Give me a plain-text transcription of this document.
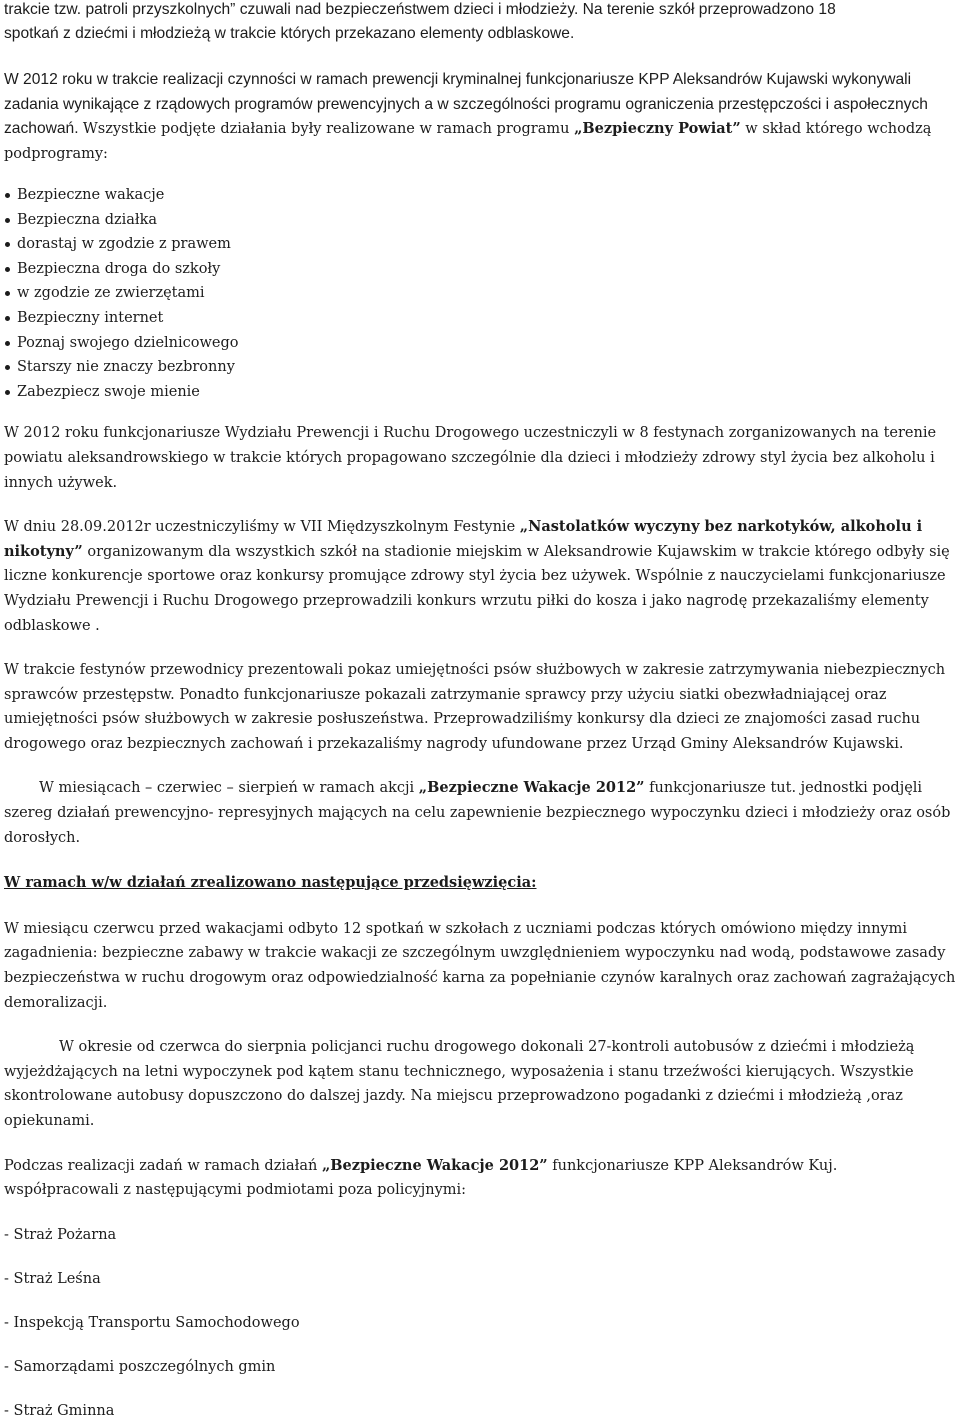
trakcie tzw. patroli przyszkolnych” czuwali nad bezpieczeństwem dzieci i młodzieży. Na terenie szkół przeprowadzono 18
spotkań z dziećmi i młodzieżą w trakcie których przekazano elementy odblaskowe.

W 2012 roku w trakcie realizacji czynności w ramach prewencji kryminalnej funkcjonariusze KPP Aleksandrów Kujawski wykonywali zadania wynikające z rządowych programów prewencyjnych a w szczególności programu ograniczenia przestępczości i aspołecznych zachowań. Wszystkie podjęte działania były realizowane w ramach programu „Bezpieczny Powiat” w skład którego wchodzą podprogramy:

Bezpieczne wakacje
Bezpieczna działka
dorastaj w zgodzie z prawem
Bezpieczna droga do szkoły
w zgodzie ze zwierzętami
Bezpieczny internet
Poznaj swojego dzielnicowego
Starszy nie znaczy bezbronny
Zabezpiecz swoje mienie

W 2012 roku funkcjonariusze Wydziału Prewencji i Ruchu Drogowego uczestniczyli w 8 festynach zorganizowanych na terenie powiatu aleksandrowskiego w trakcie których propagowano szczególnie dla dzieci i młodzieży zdrowy styl życia bez alkoholu i innych używek.

W dniu 28.09.2012r uczestniczyliśmy w VII Międzyszkolnym Festynie „Nastolatków wyczyny bez narkotyków, alkoholu i nikotyny” organizowanym dla wszystkich szkół na stadionie miejskim w Aleksandrowie Kujawskim w trakcie którego odbyły się liczne konkurencje sportowe oraz konkursy promujące zdrowy styl życia bez używek. Wspólnie z nauczycielami funkcjonariusze Wydziału Prewencji i Ruchu Drogowego przeprowadzili konkurs wrzutu piłki do kosza i jako nagrodę przekazaliśmy elementy odblaskowe .

W trakcie festynów przewodnicy prezentowali pokaz umiejętności psów służbowych w zakresie zatrzymywania niebezpiecznych sprawców przestępstw. Ponadto funkcjonariusze pokazali zatrzymanie sprawcy przy użyciu siatki obezwładniającej oraz umiejętności psów służbowych w zakresie posłuszeństwa. Przeprowadziliśmy konkursy dla dzieci ze znajomości zasad ruchu drogowego oraz bezpiecznych zachowań i przekazaliśmy nagrody ufundowane przez Urząd Gminy Aleksandrów Kujawski.

W miesiącach – czerwiec – sierpień w ramach akcji „Bezpieczne Wakacje 2012” funkcjonariusze tut. jednostki podjęli szereg działań prewencyjno- represyjnych mających na celu zapewnienie bezpiecznego wypoczynku dzieci i młodzieży oraz osób dorosłych.

W ramach w/w działań zrealizowano następujące przedsięwzięcia:

W miesiącu czerwcu przed wakacjami odbyto 12 spotkań w szkołach z uczniami podczas których omówiono między innymi zagadnienia: bezpieczne zabawy w trakcie wakacji ze szczególnym uwzględnieniem wypoczynku nad wodą, podstawowe zasady bezpieczeństwa w ruchu drogowym oraz odpowiedzialność karna za popełnianie czynów karalnych oraz zachowań zagrażających demoralizacji.

W okresie od czerwca do sierpnia policjanci ruchu drogowego dokonali 27-kontroli autobusów z dziećmi i młodzieżą wyjeżdżających na letni wypoczynek pod kątem stanu technicznego, wyposażenia i stanu trzeźwości kierujących. Wszystkie skontrolowane autobusy dopuszczono do dalszej jazdy. Na miejscu przeprowadzono pogadanki z dziećmi i młodzieżą ,oraz opiekunami.

Podczas realizacji zadań w ramach działań „Bezpieczne Wakacje 2012” funkcjonariusze KPP Aleksandrów Kuj. współpracowali z następującymi podmiotami poza policyjnymi:

- Straż Pożarna

- Straż Leśna

- Inspekcją Transportu Samochodowego

- Samorządami poszczególnych gmin

- Straż Gminna
